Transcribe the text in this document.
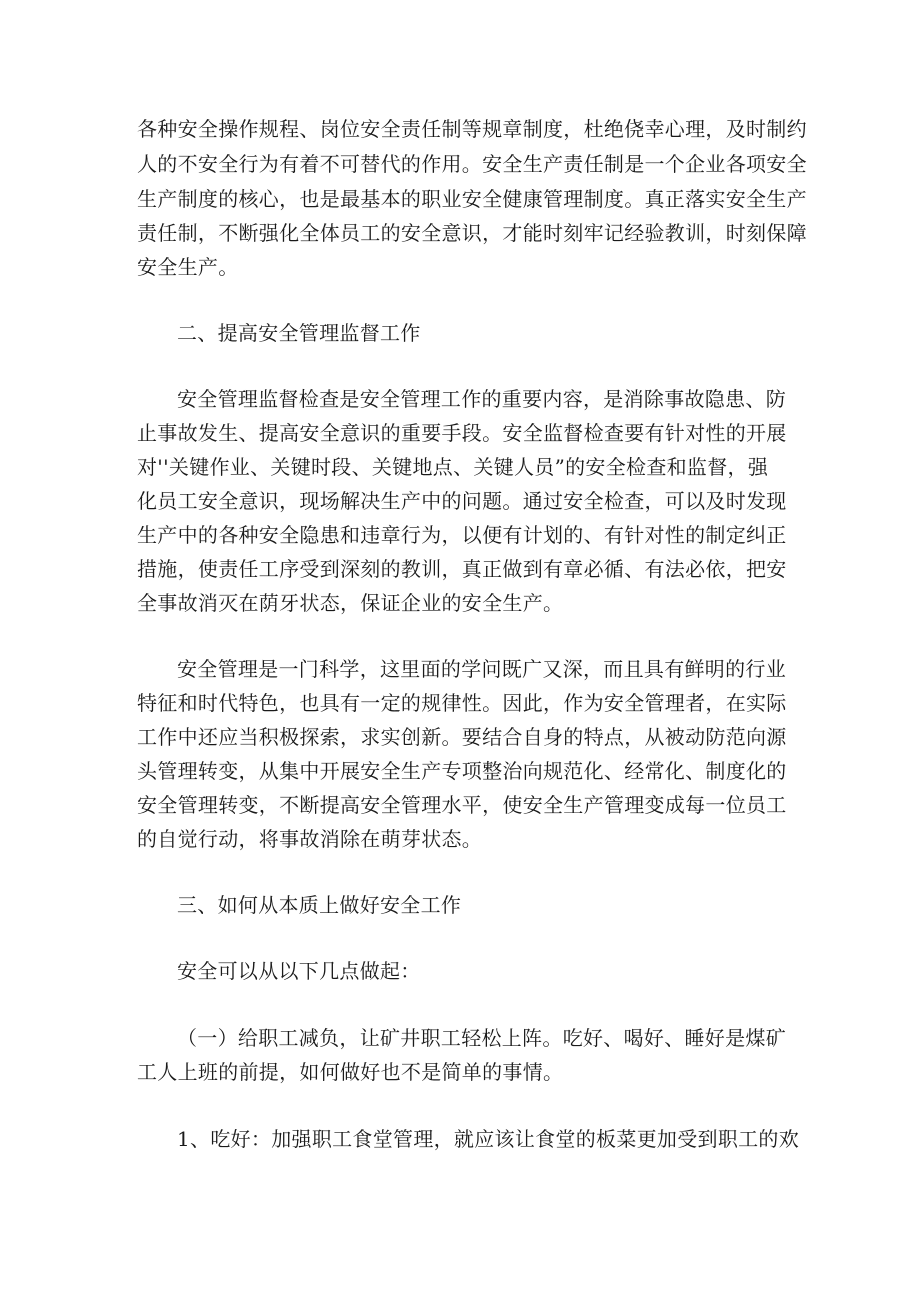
各种安全操作规程、岗位安全责任制等规章制度，杜绝侥幸心理，及时制约
人的不安全行为有着不可替代的作用。安全生产责任制是一个企业各项安全
生产制度的核心，也是最基本的职业安全健康管理制度。真正落实安全生产
责任制，不断强化全体员工的安全意识，才能时刻牢记经验教训，时刻保障
安全生产。
二、提高安全管理监督工作
安全管理监督检查是安全管理工作的重要内容，是消除事故隐患、防
止事故发生、提高安全意识的重要手段。安全监督检查要有针对性的开展
对''关键作业、关键时段、关键地点、关键人员”的安全检查和监督，强
化员工安全意识，现场解决生产中的问题。通过安全检查，可以及时发现
生产中的各种安全隐患和违章行为，以便有计划的、有针对性的制定纠正
措施，使责任工序受到深刻的教训，真正做到有章必循、有法必依，把安
全事故消灭在荫牙状态，保证企业的安全生产。
安全管理是一门科学，这里面的学问既广又深，而且具有鲜明的行业
特征和时代特色，也具有一定的规律性。因此，作为安全管理者，在实际
工作中还应当积极探索，求实创新。要结合自身的特点，从被动防范向源
头管理转变，从集中开展安全生产专项整治向规范化、经常化、制度化的
安全管理转变，不断提高安全管理水平，使安全生产管理变成每一位员工
的自觉行动，将事故消除在萌芽状态。
三、如何从本质上做好安全工作
安全可以从以下几点做起：
（一）给职工减负，让矿井职工轻松上阵。吃好、喝好、睡好是煤矿
工人上班的前提，如何做好也不是简单的事情。
1、吃好：加强职工食堂管理，就应该让食堂的板菜更加受到职工的欢
